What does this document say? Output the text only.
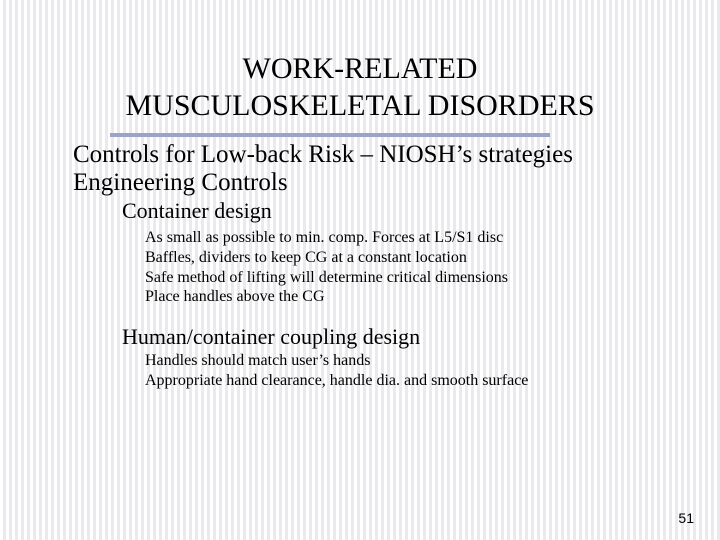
WORK-RELATED
MUSCULOSKELETAL DISORDERS
Controls for Low-back Risk – NIOSH’s strategies
Engineering Controls
Container design
As small as possible to min. comp. Forces at L5/S1 disc
Baffles, dividers to keep CG at a constant location
Safe method of lifting will determine critical dimensions
Place handles above the CG
Human/container coupling design
Handles should match user’s hands
Appropriate hand clearance, handle dia. and smooth surface
51
